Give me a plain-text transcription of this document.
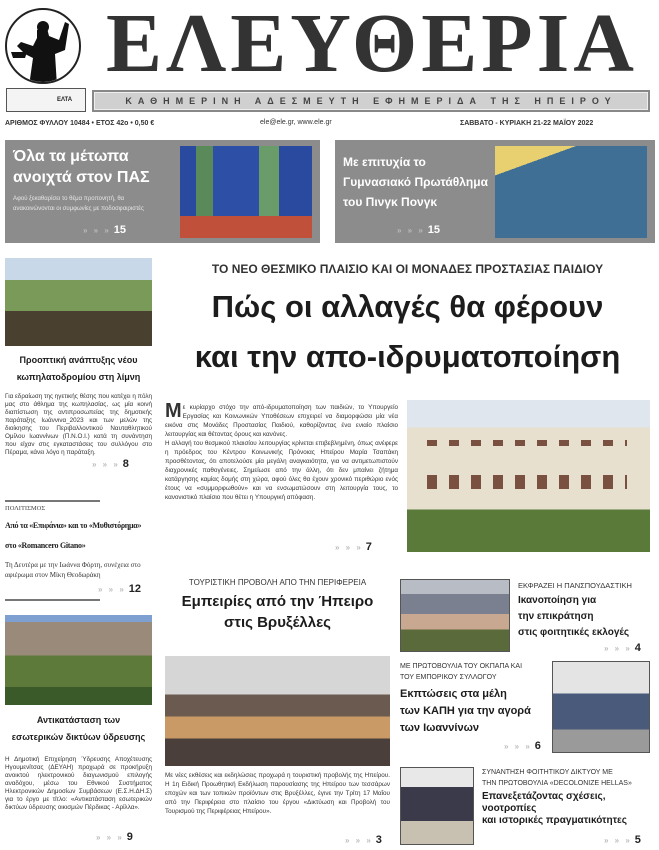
ΕΛΕΥΘΕΡΙΑ
ΕΛΤΑ	ΚΑΘΗΜΕΡΙΝΗ ΑΔΕΣΜΕΥΤΗ ΕΦΗΜΕΡΙΔΑ ΤΗΣ ΗΠΕΙΡΟΥ
ΑΡΙΘΜΟΣ ΦΥΛΛΟΥ 10484 • ΕΤΟΣ 42ο • 0,50 €	ele@ele.gr, www.ele.gr	ΣΑΒΒΑΤΟ - ΚΥΡΙΑΚΗ 21-22 ΜΑΪΟΥ 2022
Όλα τα μέτωπα
ανοιχτά στον ΠΑΣ
Αφού ξεκαθαρίσει το θέμα προπονητή, θα
ανακοινώνονται οι συμφωνίες με ποδοσφαιριστές
» » » 15
Με επιτυχία το
Γυμνασιακό Πρωτάθλημα
του Πινγκ Πονγκ
» » » 15
Προοπτική ανάπτυξης νέου
κωπηλατοδρομίου στη λίμνη
Για εδραίωση της ηγετικής θέσης που κατέχει η πόλη μας στο άθλημα της κωπηλασίας, ως μία κοινή διαπίστωση της αντιπροσωπείας της δημοτικής παράταξης Ιωάννινα_2023 και των μελών της διοίκησης του Περιβαλλοντικού Ναυταθλητικού Ομίλου Ιωαννίνων (Π.Ν.Ο.Ι.) κατά τη συνάντηση που είχαν στις εγκαταστάσεις του συλλόγου στο Πέραμα, κάνει λόγο η παράταξη.
» » » 8
ΠΟΛΙΤΙΣΜΟΣ
Από τα «Επιφάνια» και το «Μυθιστόρημα»
στο «Romancero Gitano»
Τη Δευτέρα με την Ιωάννα Φόρτη, συνέχεια στο αφιέρωμα στον Μίκη Θεοδωράκη
» » » 12
Αντικατάσταση των
εσωτερικών δικτύων ύδρευσης
Η Δημοτική Επιχείρηση Ύδρευσης Αποχέτευσης Ηγουμενίτσας (ΔΕΥΑΗ) προχωρά σε προκήρυξη ανοικτού ηλεκτρονικού διαγωνισμού επιλογής αναδόχου, μέσω του Εθνικού Συστήματος Ηλεκτρονικών Δημοσίων Συμβάσεων (Ε.Σ.Η.ΔΗ.Σ) για το έργο με τίτλο: «Αντικατάσταση εσωτερικών δικτύων ύδρευσης οικισμών Πέρδικας - Αρίλλα».
» » » 9
ΤΟ ΝΕΟ ΘΕΣΜΙΚΟ ΠΛΑΙΣΙΟ ΚΑΙ ΟΙ ΜΟΝΑΔΕΣ ΠΡΟΣΤΑΣΙΑΣ ΠΑΙΔΙΟΥ
Πώς οι αλλαγές θα φέρουν
και την απο-ιδρυματοποίηση
Με κυρίαρχο στόχο την από-ιδρυματοποίηση των παιδιών, το Υπουργείο Εργασίας και Κοινωνικών Υποθέσεων επιχειρεί να διαμορφώσει μία νέα εικόνα στις Μονάδες Προστασίας Παιδιού, καθορίζοντας ένα ενιαίο πλαίσιο λειτουργίας και θέτοντας όρους και κανόνες.
Η αλλαγή του θεσμικού πλαισίου λειτουργίας κρίνεται επιβεβλημένη, όπως ανέφερε η πρόεδρος του Κέντρου Κοινωνικής Πρόνοιας Ηπείρου Μαρία Τσαπάκη προσθέτοντας, ότι αποτελούσε μία μεγάλη αναγκαιότητα, για να αντιμετωπιστούν διαχρονικές παθογένειες. Σημείωσε από την άλλη, ότι δεν μπαίνει ζήτημα κατάργησης καμίας δομής στη χώρα, αφού όλες θα έχουν χρονικό περιθώριο ενός έτους να «συμμορφωθούν» και να ενσωματώσουν στη λειτουργία τους, το κανονιστικό πλαίσιο που θέτει η Υπουργική απόφαση.
» » » 7
ΤΟΥΡΙΣΤΙΚΗ ΠΡΟΒΟΛΗ ΑΠΟ ΤΗΝ ΠΕΡΙΦΕΡΕΙΑ
Εμπειρίες από την Ήπειρο
στις Βρυξέλλες
Με νέες εκθέσεις και εκδηλώσεις προχωρά η τουριστική προβολής της Ηπείρου. Η 1η Ειδική Προωθητική Εκδήλωση παρουσίασης της Ηπείρου των τεσσάρων εποχών και των τοπικών προϊόντων στις Βρυξέλλες, έγινε την Τρίτη 17 Μαΐου από την Περιφέρεια στο πλαίσιο του έργου «Δικτύωση και Προβολή του Τουρισμού της Περιφέρειας Ηπείρου».
» » » 3
ΕΚΦΡΑΖΕΙ Η ΠΑΝΣΠΟΥΔΑΣΤΙΚΗ
Ικανοποίηση για
την επικράτηση
στις φοιτητικές εκλογές
» » » 4
ΜΕ ΠΡΩΤΟΒΟΥΛΙΑ ΤΟΥ ΟΚΠΑΠΑ ΚΑΙ
ΤΟΥ ΕΜΠΟΡΙΚΟΥ ΣΥΛΛΟΓΟΥ
Εκπτώσεις στα μέλη
των ΚΑΠΗ για την αγορά
των Ιωαννίνων
» » » 6
ΣΥΝΑΝΤΗΣΗ ΦΟΙΤΗΤΙΚΟΥ ΔΙΚΤΥΟΥ ΜΕ
ΤΗΝ ΠΡΩΤΟΒΟΥΛΙΑ «DECOLONIZE HELLAS»
Επανεξετάζοντας σχέσεις, νοοτροπίες
και ιστορικές πραγματικότητες
» » » 5
